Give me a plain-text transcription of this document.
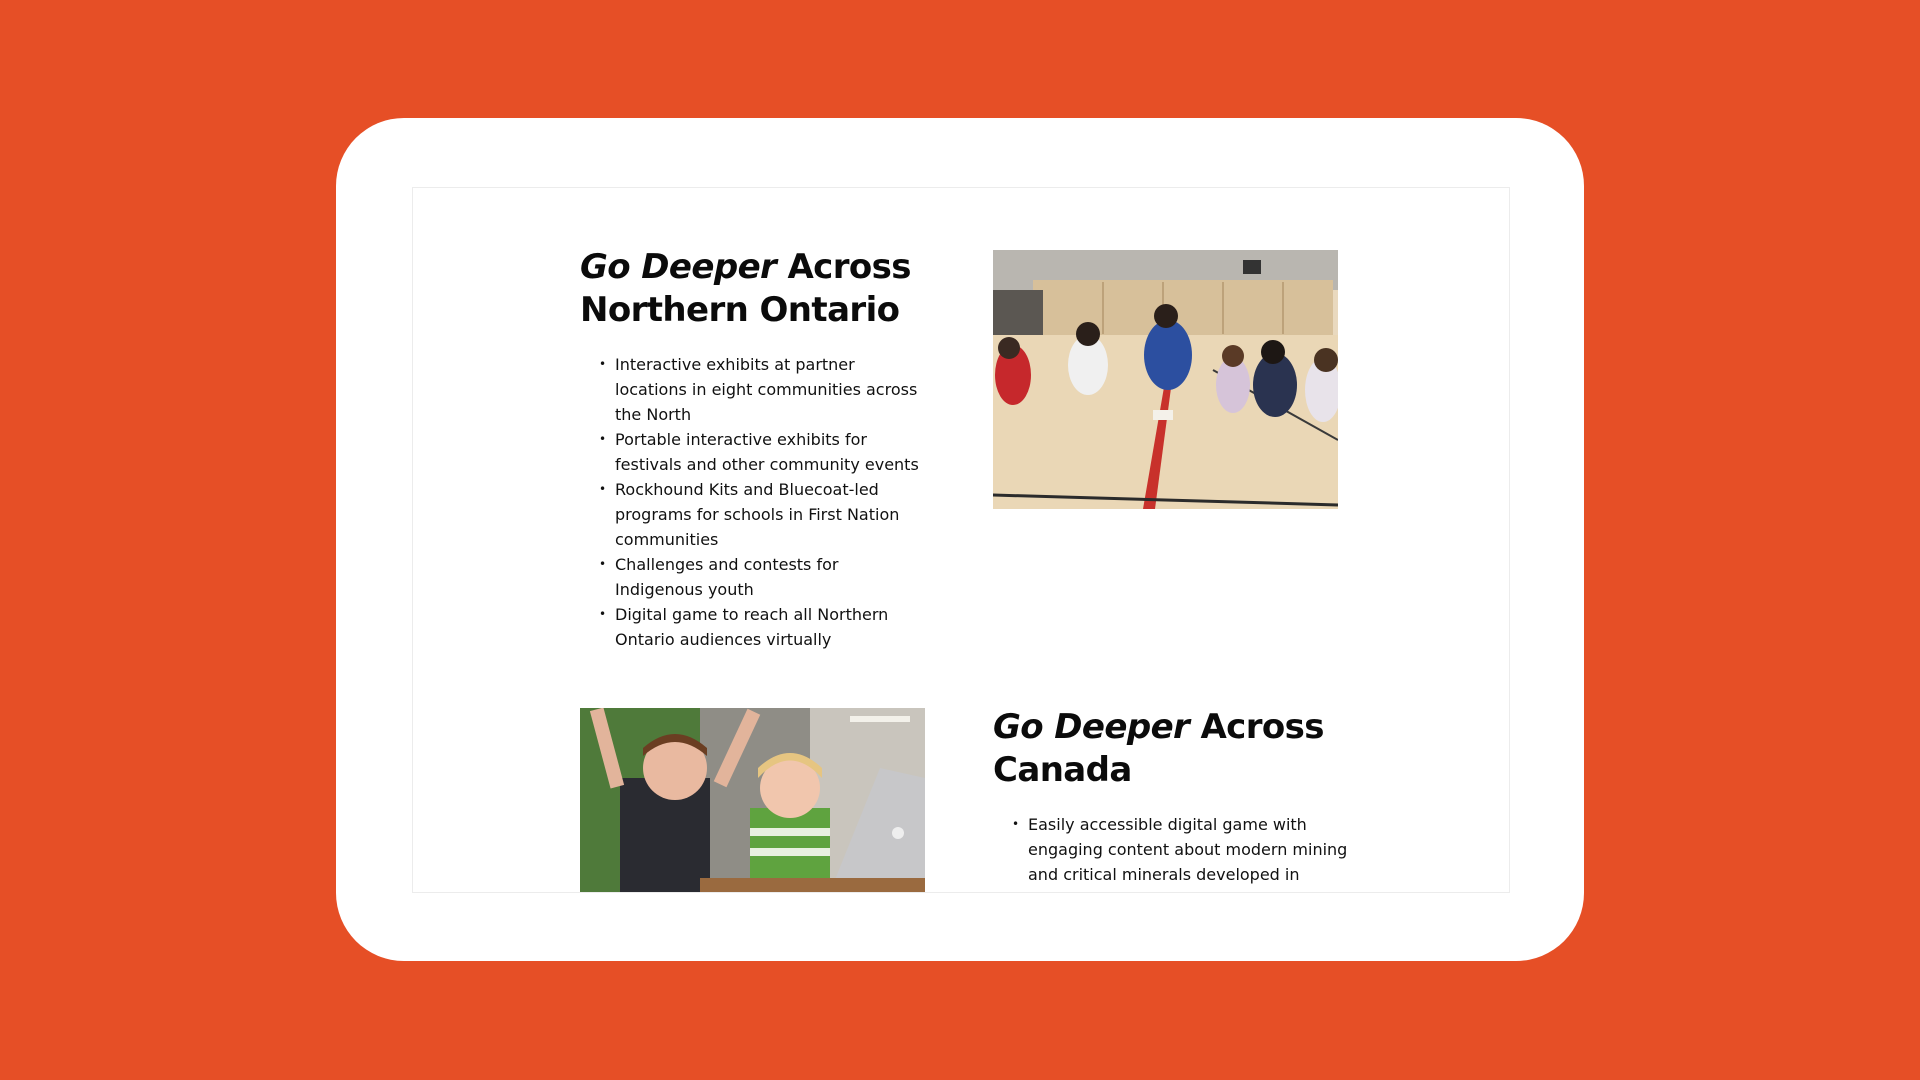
Go Deeper Across
Northern Ontario
• Interactive exhibits at partner locations in eight communities across the North
• Portable interactive exhibits for festivals and other community events
• Rockhound Kits and Bluecoat-led programs for schools in First Nation communities
• Challenges and contests for Indigenous youth
• Digital game to reach all Northern Ontario audiences virtually
Go Deeper Across
Canada
• Easily accessible digital game with engaging content about modern mining and critical minerals developed in
